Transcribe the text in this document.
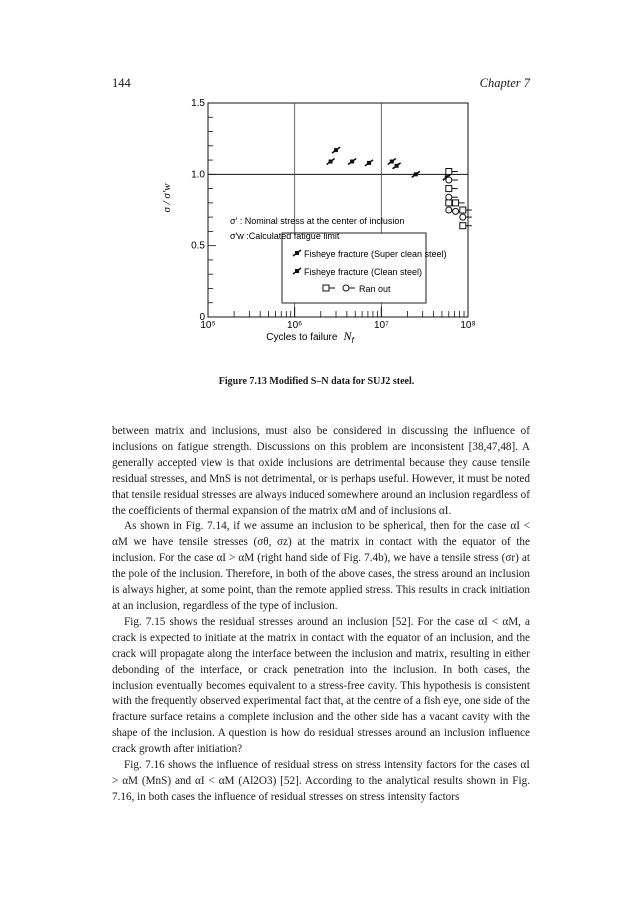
144	Chapter 7
10⁵	10⁶	10⁷	10⁸
0
0.5
1.0
1.5
σ' : Nominal stress at the center of inclusion
σ'w :Calculated fatigue limit
Fisheye fracture (Super clean steel)
Fisheye fracture (Clean steel)
Ran out
σ / σ'w
Cycles to failure $N_f$
Figure 7.13 Modified S–N data for SUJ2 steel.

between matrix and inclusions, must also be considered in discussing the influence of inclusions on fatigue strength. Discussions on this problem are inconsistent [38,47,48]. A generally accepted view is that oxide inclusions are detrimental because they cause tensile residual stresses, and MnS is not detrimental, or is perhaps useful. However, it must be noted that tensile residual stresses are always induced somewhere around an inclusion regardless of the coefficients of thermal expansion of the matrix αM and of inclusions αI.

As shown in Fig. 7.14, if we assume an inclusion to be spherical, then for the case αI < αM we have tensile stresses (σθ, σz) at the matrix in contact with the equator of the inclusion. For the case αI > αM (right hand side of Fig. 7.4b), we have a tensile stress (σr) at the pole of the inclusion. Therefore, in both of the above cases, the stress around an inclusion is always higher, at some point, than the remote applied stress. This results in crack initiation at an inclusion, regardless of the type of inclusion.

Fig. 7.15 shows the residual stresses around an inclusion [52]. For the case αI < αM, a crack is expected to initiate at the matrix in contact with the equator of an inclusion, and the crack will propagate along the interface between the inclusion and matrix, resulting in either debonding of the interface, or crack penetration into the inclusion. In both cases, the inclusion eventually becomes equivalent to a stress-free cavity. This hypothesis is consistent with the frequently observed experimental fact that, at the centre of a fish eye, one side of the fracture surface retains a complete inclusion and the other side has a vacant cavity with the shape of the inclusion. A question is how do residual stresses around an inclusion influence crack growth after initiation?

Fig. 7.16 shows the influence of residual stress on stress intensity factors for the cases αI > αM (MnS) and αI < αM (Al2O3) [52]. According to the analytical results shown in Fig. 7.16, in both cases the influence of residual stresses on stress intensity factors
